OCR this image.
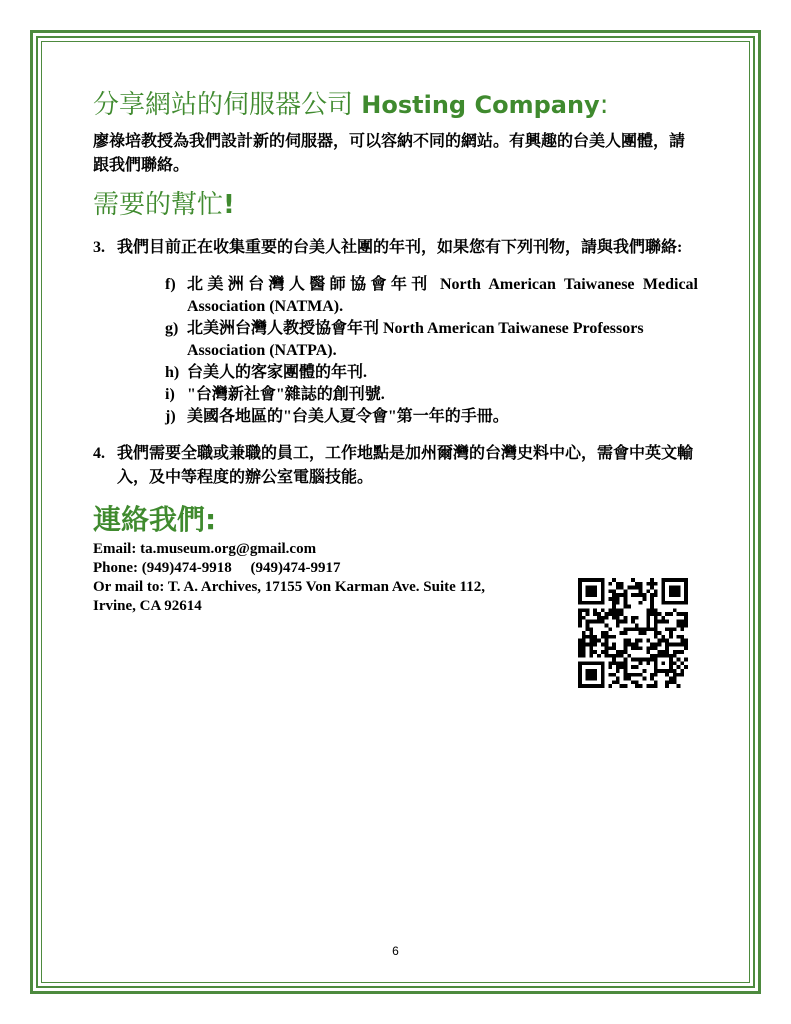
分享網站的伺服器公司 Hosting Company:

廖祿培教授為我們設計新的伺服器，可以容納不同的網站。有興趣的台美人團體，請跟我們聯絡。

需要的幫忙!
3. 我們目前正在收集重要的台美人社團的年刊，如果您有下列刊物，請與我們聯絡:
f) 北美洲台灣人醫師協會年刊 North American Taiwanese Medical Association (NATMA).
g) 北美洲台灣人教授協會年刊 North American Taiwanese Professors Association (NATPA).
h) 台美人的客家團體的年刊.
i) "台灣新社會"雜誌的創刊號.
j) 美國各地區的"台美人夏令會"第一年的手冊。
4. 我們需要全職或兼職的員工，工作地點是加州爾灣的台灣史料中心，需會中英文輸入，及中等程度的辦公室電腦技能。
連絡我們:
Email: ta.museum.org@gmail.com
Phone: (949)474-9918     (949)474-9917
Or mail to: T. A. Archives, 17155 Von Karman Ave. Suite 112,
Irvine, CA 92614
6
